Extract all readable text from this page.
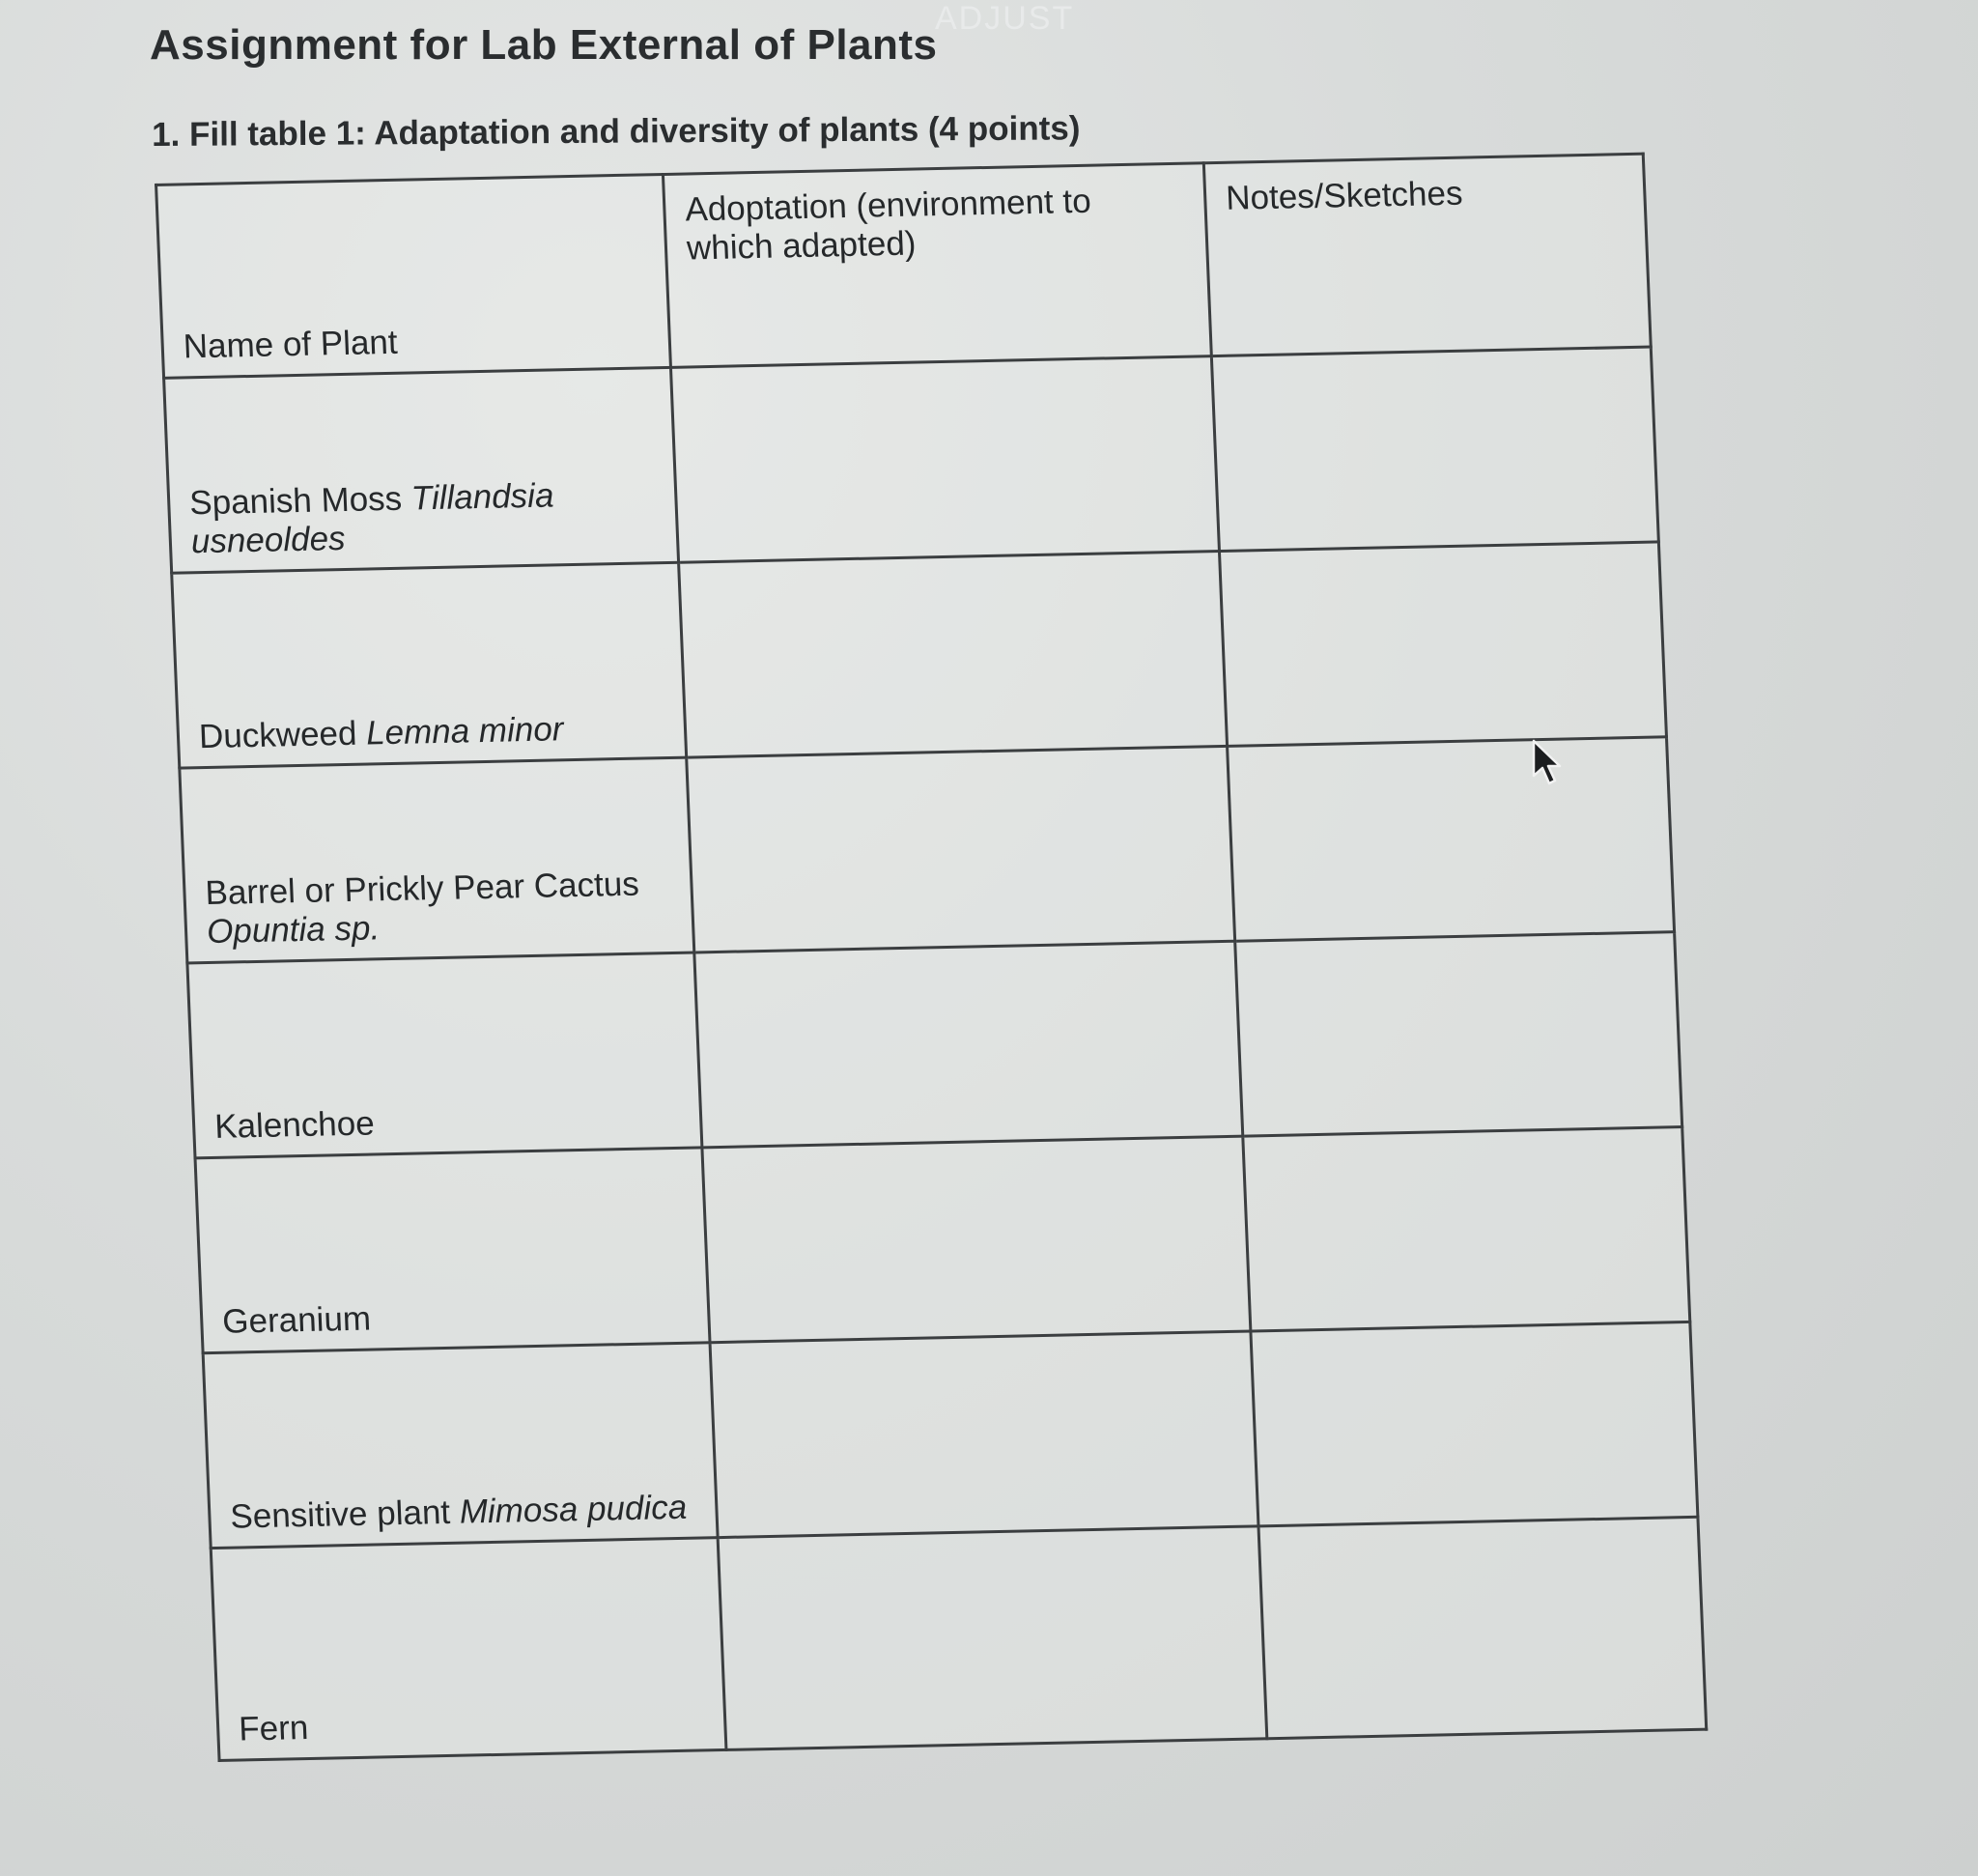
ADJUST
Assignment for Lab External of Plants
1. Fill table 1: Adaptation and diversity of plants (4 points)
Name of Plant	Adoptation (environment to which adapted)	Notes/Sketches
Spanish Moss Tillandsia usneoldes		
Duckweed Lemna minor		
Barrel or Prickly Pear Cactus Opuntia sp.		
Kalenchoe		
Geranium		
Sensitive plant Mimosa pudica		
Fern		
